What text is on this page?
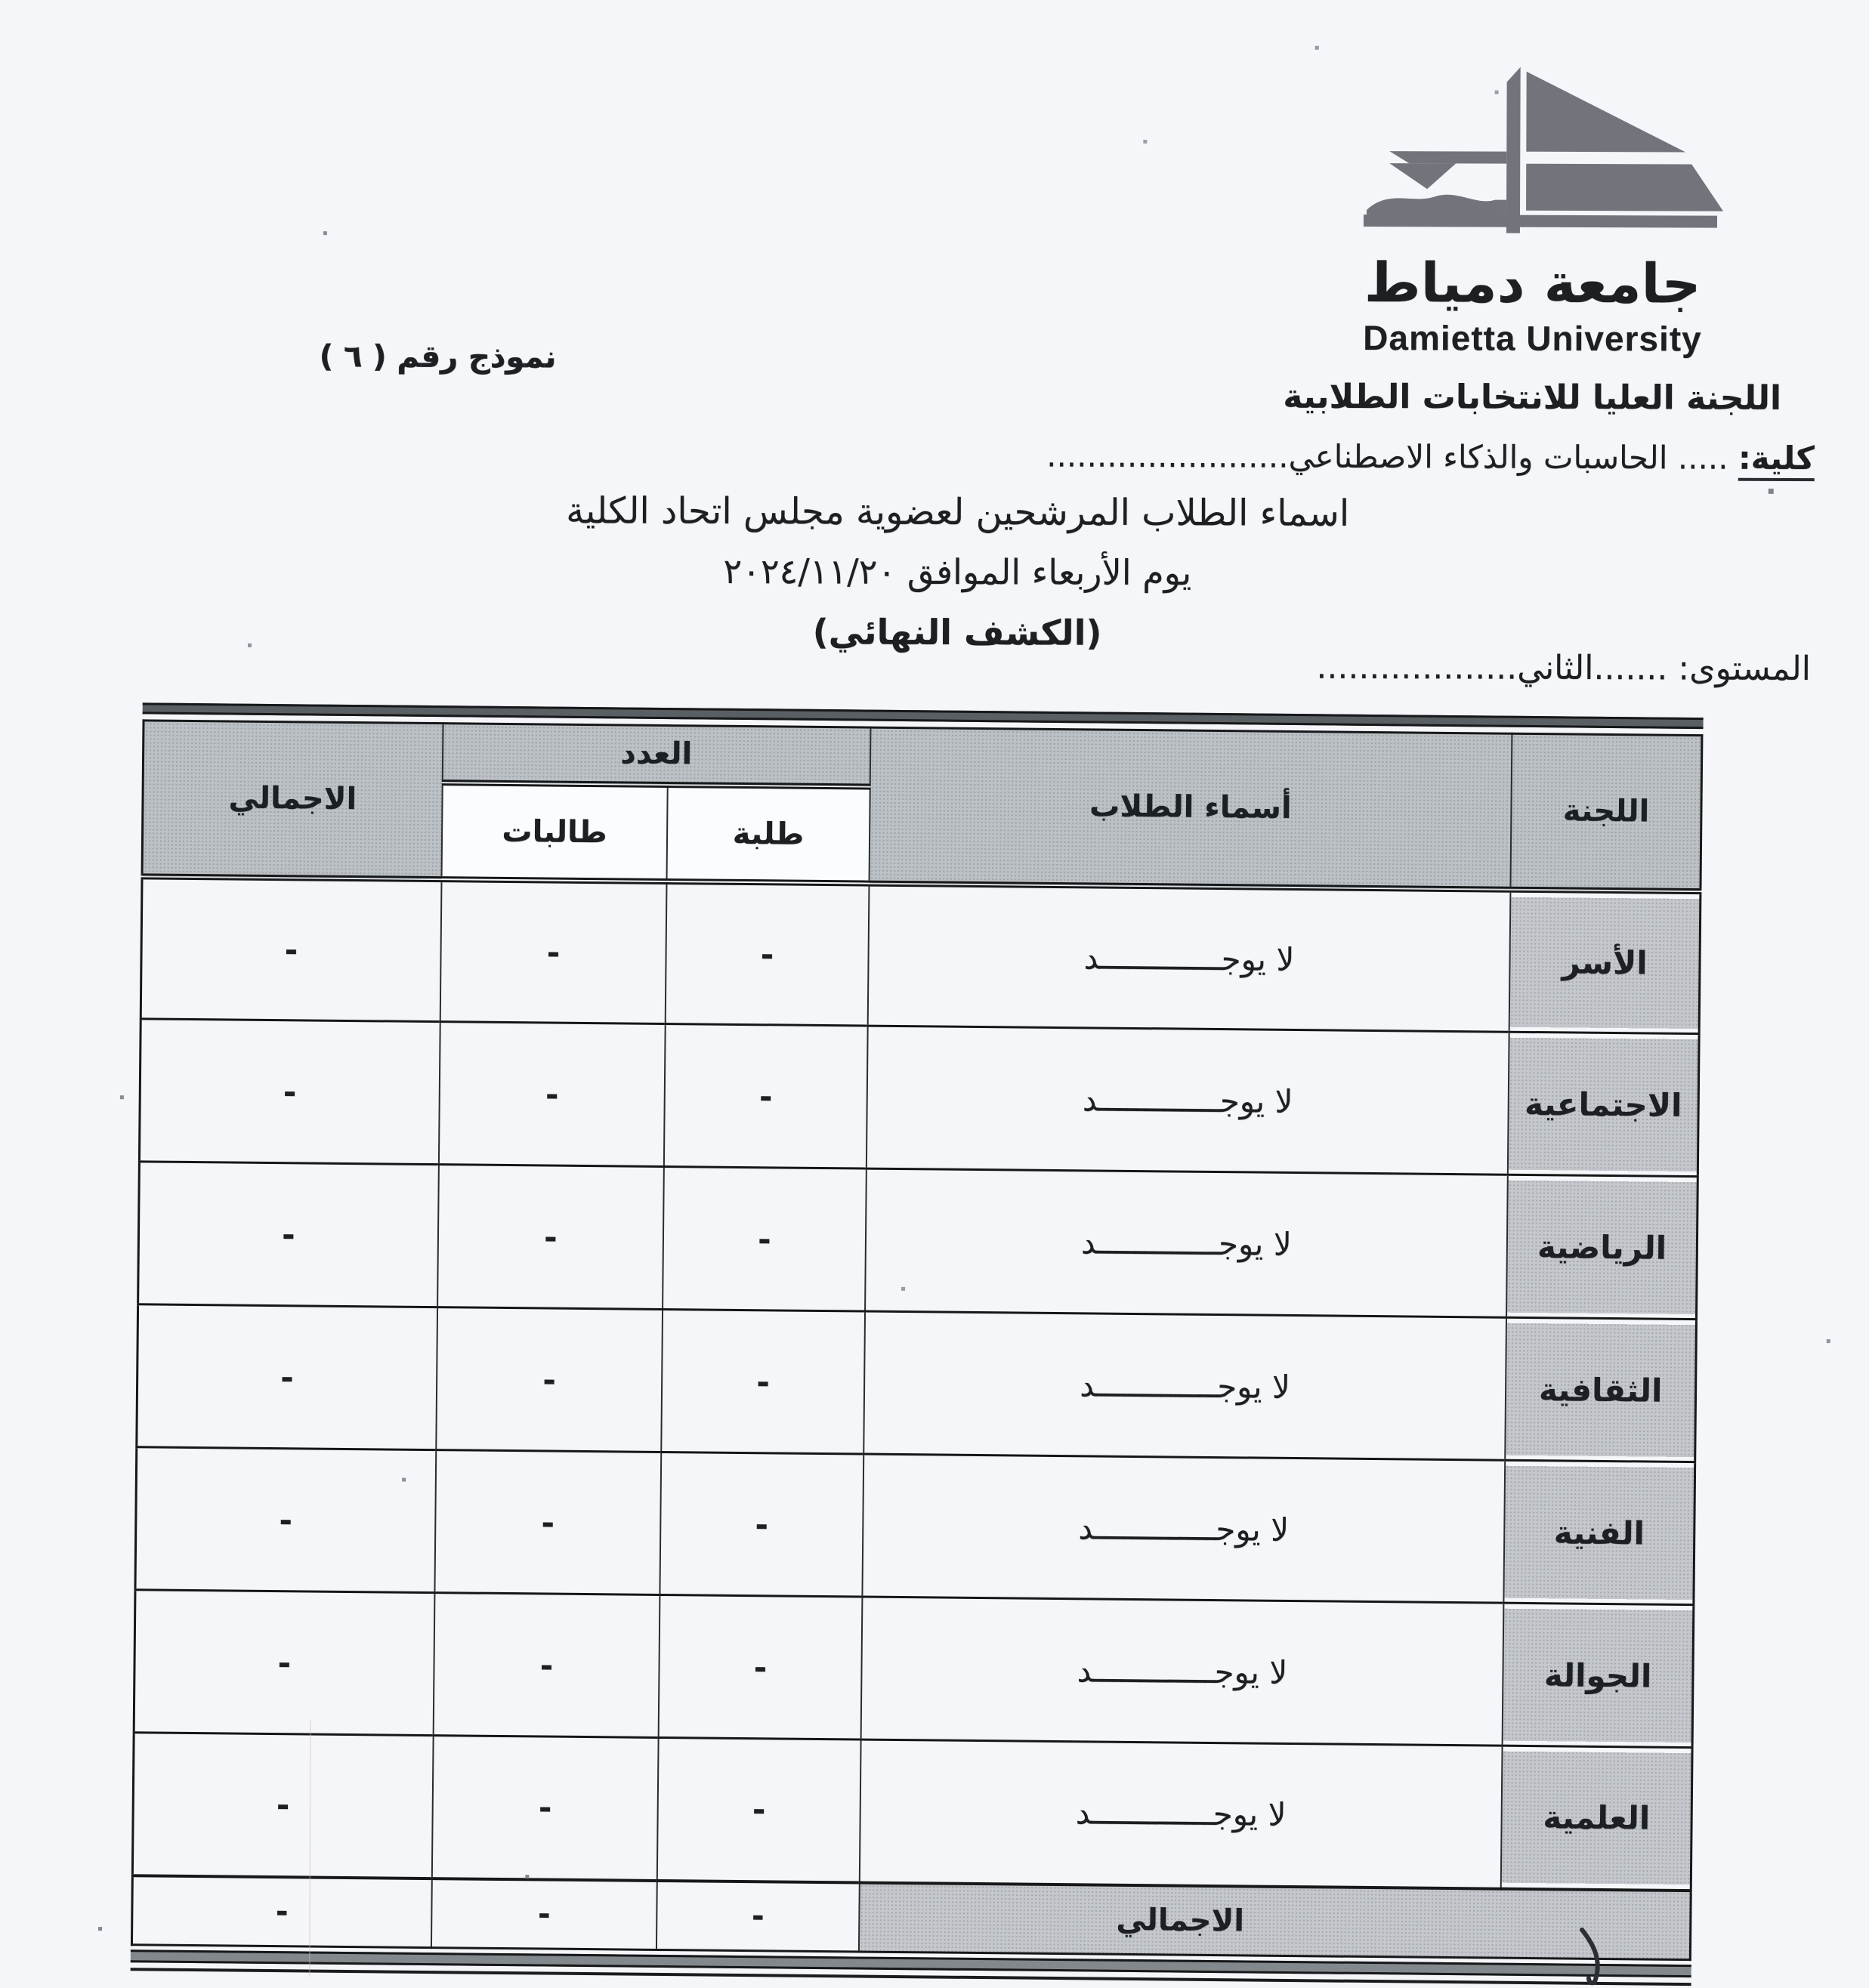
جامعة دمياط
Damietta University
اللجنة العليا للانتخابات الطلابية
نموذج رقم ( ٦ )
كلية: ..... الحاسبات والذكاء الاصطناعي........................
اسماء الطلاب المرشحين لعضوية مجلس اتحاد الكلية
يوم الأربعاء الموافق ٢٠٢٤/١١/٢٠
(الكشف النهائي)
المستوى: .......الثاني...................
اللجنة	أسماء الطلاب	العدد		الاجمالي
		طلبة	طالبات	
الأسر	لا يوجـــــــــــــد	-	-	-
الاجتماعية	لا يوجـــــــــــــد	-	-	-
الرياضية	لا يوجـــــــــــــد	-	-	-
الثقافية	لا يوجـــــــــــــد	-	-	-
الفنية	لا يوجـــــــــــــد	-	-	-
الجوالة	لا يوجـــــــــــــد	-	-	-
العلمية	لا يوجـــــــــــــد	-	-	-
الاجمالي		-	-	-
